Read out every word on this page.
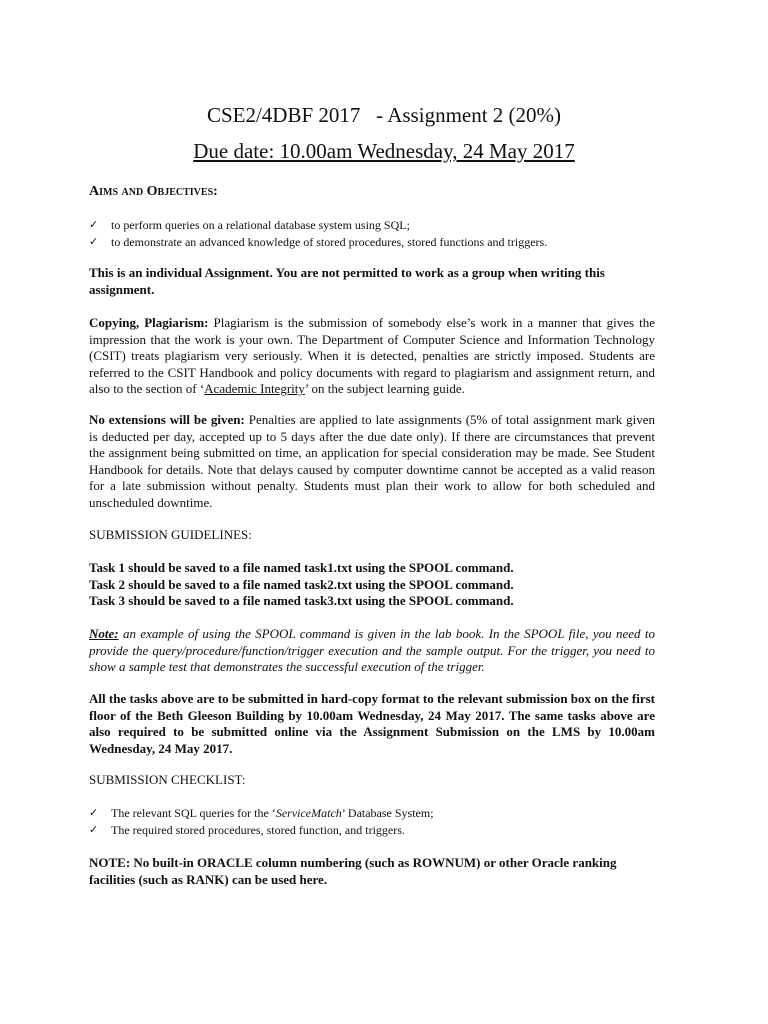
CSE2/4DBF 2017   - Assignment 2 (20%)
Due date: 10.00am Wednesday, 24 May 2017
Aims and Objectives:
✓ to perform queries on a relational database system using SQL;
✓ to demonstrate an advanced knowledge of stored procedures, stored functions and triggers.
This is an individual Assignment. You are not permitted to work as a group when writing this assignment.
Copying, Plagiarism: Plagiarism is the submission of somebody else’s work in a manner that gives the impression that the work is your own. The Department of Computer Science and Information Technology (CSIT) treats plagiarism very seriously. When it is detected, penalties are strictly imposed. Students are referred to the CSIT Handbook and policy documents with regard to plagiarism and assignment return, and also to the section of ‘Academic Integrity’ on the subject learning guide.
No extensions will be given: Penalties are applied to late assignments (5% of total assignment mark given is deducted per day, accepted up to 5 days after the due date only). If there are circumstances that prevent the assignment being submitted on time, an application for special consideration may be made. See Student Handbook for details. Note that delays caused by computer downtime cannot be accepted as a valid reason for a late submission without penalty. Students must plan their work to allow for both scheduled and unscheduled downtime.
SUBMISSION GUIDELINES:
Task 1 should be saved to a file named task1.txt using the SPOOL command.
Task 2 should be saved to a file named task2.txt using the SPOOL command.
Task 3 should be saved to a file named task3.txt using the SPOOL command.
Note: an example of using the SPOOL command is given in the lab book. In the SPOOL file, you need to provide the query/procedure/function/trigger execution and the sample output. For the trigger, you need to show a sample test that demonstrates the successful execution of the trigger.
All the tasks above are to be submitted in hard-copy format to the relevant submission box on the first floor of the Beth Gleeson Building by 10.00am Wednesday, 24 May 2017. The same tasks above are also required to be submitted online via the Assignment Submission on the LMS by 10.00am Wednesday, 24 May 2017.
SUBMISSION CHECKLIST:
✓ The relevant SQL queries for the ‘ServiceMatch’ Database System;
✓ The required stored procedures, stored function, and triggers.
NOTE: No built-in ORACLE column numbering (such as ROWNUM) or other Oracle ranking facilities (such as RANK) can be used here.
